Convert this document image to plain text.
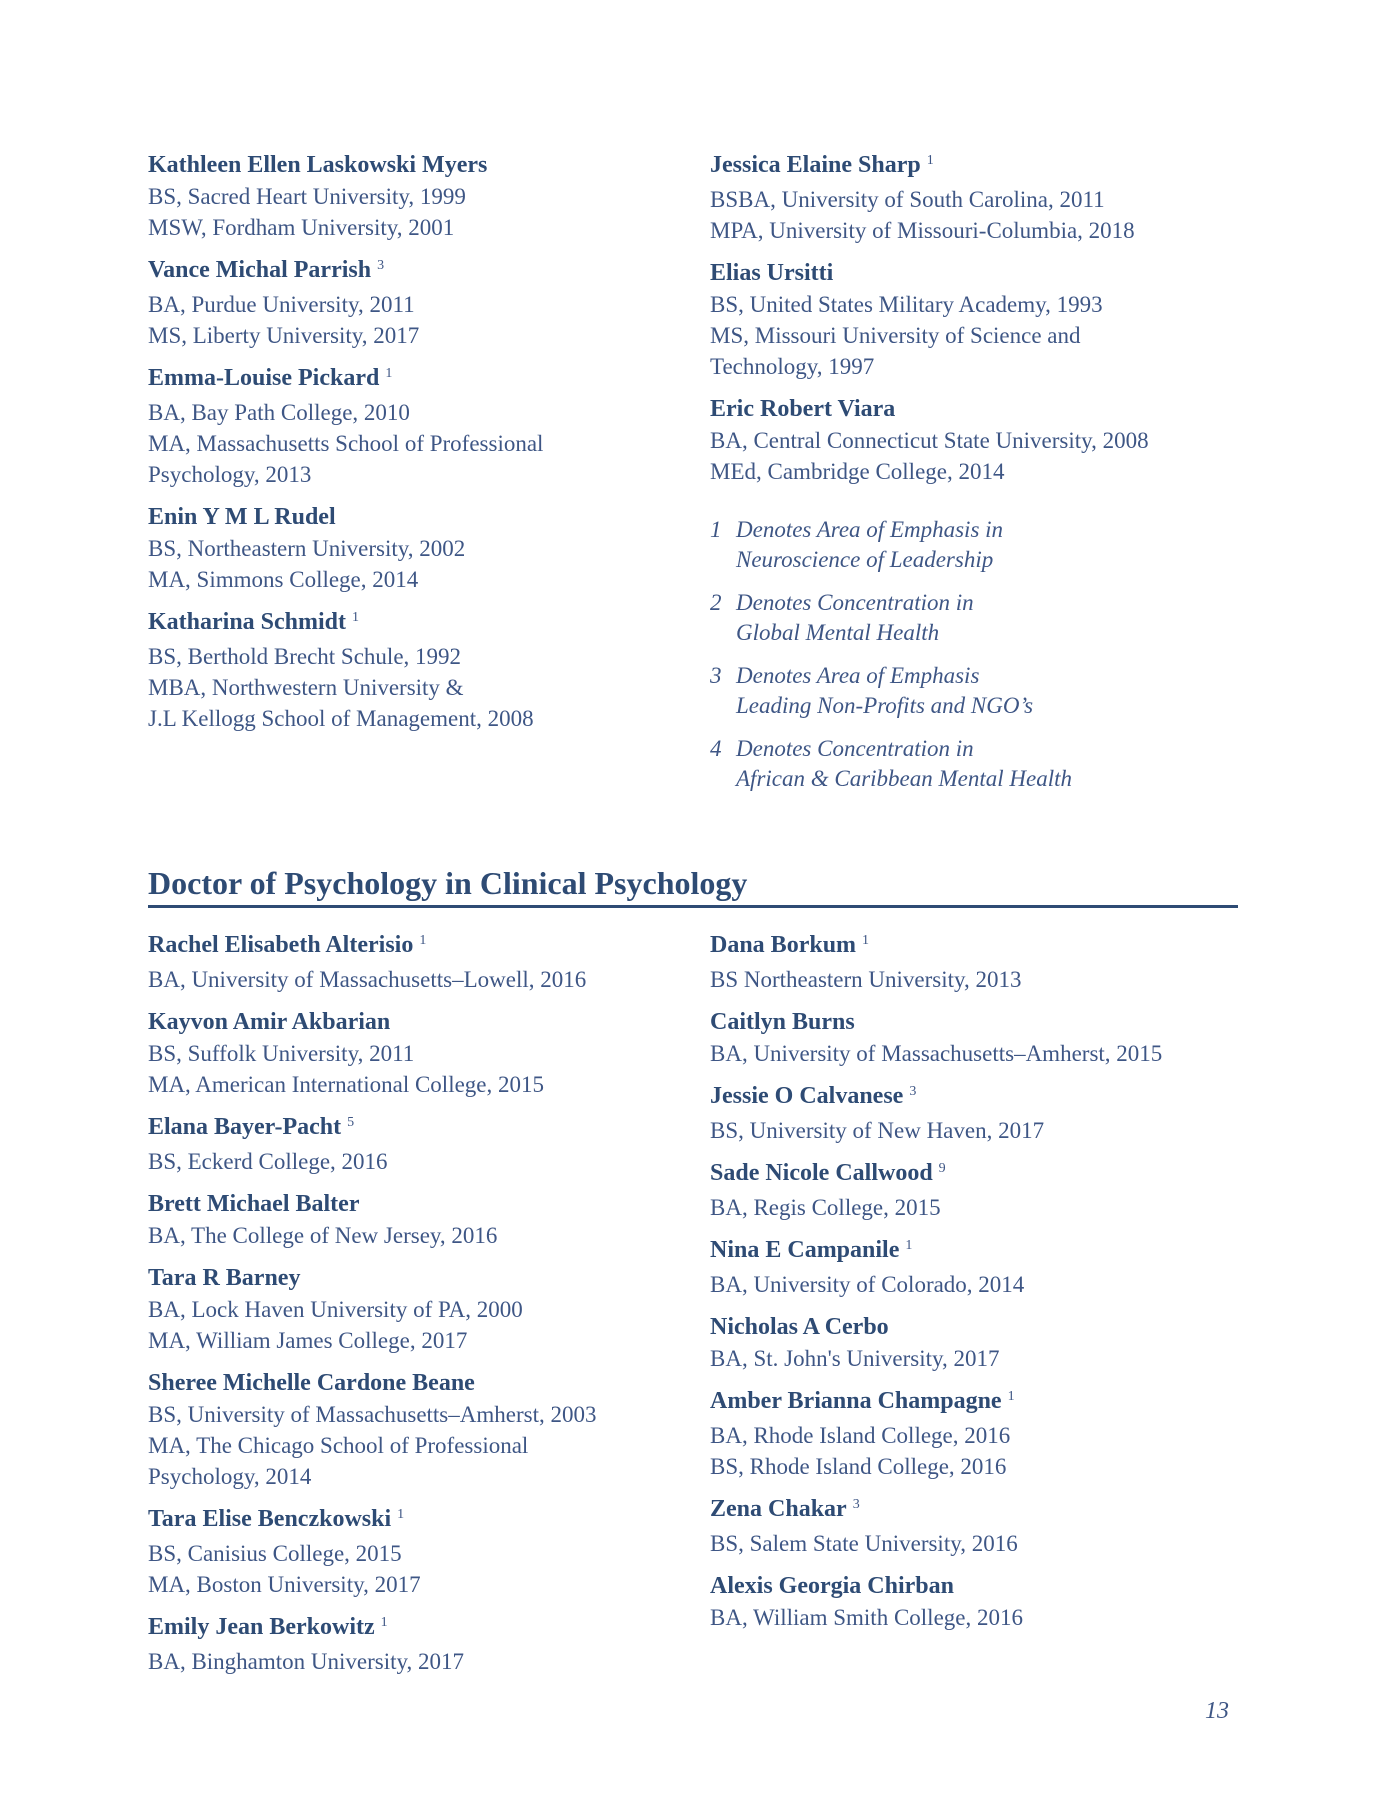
Kathleen Ellen Laskowski Myers
BS, Sacred Heart University, 1999
MSW, Fordham University, 2001
Vance Michal Parrish $^3$
BA, Purdue University, 2011
MS, Liberty University, 2017
Emma-Louise Pickard $^1$
BA, Bay Path College, 2010
MA, Massachusetts School of Professional
Psychology, 2013
Enin Y M L Rudel
BS, Northeastern University, 2002
MA, Simmons College, 2014
Katharina Schmidt $^1$
BS, Berthold Brecht Schule, 1992
MBA, Northwestern University &
J.L Kellogg School of Management, 2008
Jessica Elaine Sharp $^1$
BSBA, University of South Carolina, 2011
MPA, University of Missouri-Columbia, 2018
Elias Ursitti
BS, United States Military Academy, 1993
MS, Missouri University of Science and
Technology, 1997
Eric Robert Viara
BA, Central Connecticut State University, 2008
MEd, Cambridge College, 2014
1 Denotes Area of Emphasis in
Neuroscience of Leadership
2 Denotes Concentration in
Global Mental Health
3 Denotes Area of Emphasis
Leading Non-Profits and NGO’s
4 Denotes Concentration in
African & Caribbean Mental Health
Doctor of Psychology in Clinical Psychology
Rachel Elisabeth Alterisio $^1$
BA, University of Massachusetts–Lowell, 2016
Kayvon Amir Akbarian
BS, Suffolk University, 2011
MA, American International College, 2015
Elana Bayer-Pacht $^5$
BS, Eckerd College, 2016
Brett Michael Balter
BA, The College of New Jersey, 2016
Tara R Barney
BA, Lock Haven University of PA, 2000
MA, William James College, 2017
Sheree Michelle Cardone Beane
BS, University of Massachusetts–Amherst, 2003
MA, The Chicago School of Professional
Psychology, 2014
Tara Elise Benczkowski $^1$
BS, Canisius College, 2015
MA, Boston University, 2017
Emily Jean Berkowitz $^1$
BA, Binghamton University, 2017
Dana Borkum $^1$
BS Northeastern University, 2013
Caitlyn Burns
BA, University of Massachusetts–Amherst, 2015
Jessie O Calvanese $^3$
BS, University of New Haven, 2017
Sade Nicole Callwood $^9$
BA, Regis College, 2015
Nina E Campanile $^1$
BA, University of Colorado, 2014
Nicholas A Cerbo
BA, St. John's University, 2017
Amber Brianna Champagne $^1$
BA, Rhode Island College, 2016
BS, Rhode Island College, 2016
Zena Chakar $^3$
BS, Salem State University, 2016
Alexis Georgia Chirban
BA, William Smith College, 2016
13
